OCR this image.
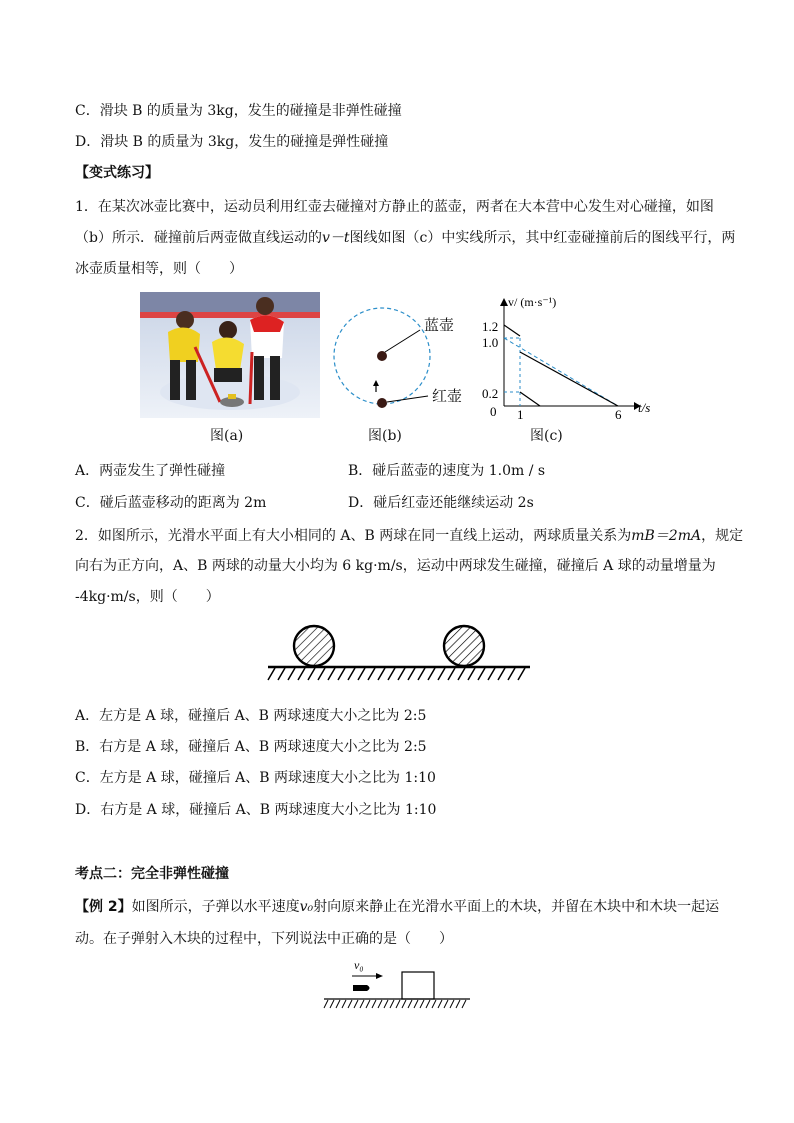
C．滑块 B 的质量为 3kg，发生的碰撞是非弹性碰撞
D．滑块 B 的质量为 3kg，发生的碰撞是弹性碰撞
【变式练习】
1．在某次冰壶比赛中，运动员利用红壶去碰撞对方静止的蓝壶，两者在大本营中心发生对心碰撞，如图
（b）所示．碰撞前后两壶做直线运动的v－t图线如图（c）中实线所示，其中红壶碰撞前后的图线平行，两
冰壶质量相等，则（　　）
图(a)
蓝壶
红壶
图(b)
1.2
1.0
0.2
0 1	6
v/ (m·s⁻¹)
t/s
图(c)
A．两壶发生了弹性碰撞	B．碰后蓝壶的速度为 1.0m / s
C．碰后蓝壶移动的距离为 2m	D．碰后红壶还能继续运动 2s
2．如图所示，光滑水平面上有大小相同的 A、B 两球在同一直线上运动，两球质量关系为mB＝2mA，规定
向右为正方向，A、B 两球的动量大小均为 6 kg·m/s，运动中两球发生碰撞，碰撞后 A 球的动量增量为
-4kg·m/s，则（　　）
A．左方是 A 球，碰撞后 A、B 两球速度大小之比为 2:5
B．右方是 A 球，碰撞后 A、B 两球速度大小之比为 2:5
C．左方是 A 球，碰撞后 A、B 两球速度大小之比为 1:10
D．右方是 A 球，碰撞后 A、B 两球速度大小之比为 1:10
考点二：完全非弹性碰撞
【例 2】如图所示，子弹以水平速度v₀射向原来静止在光滑水平面上的木块，并留在木块中和木块一起运
动。在子弹射入木块的过程中，下列说法中正确的是（　　）
v₀
